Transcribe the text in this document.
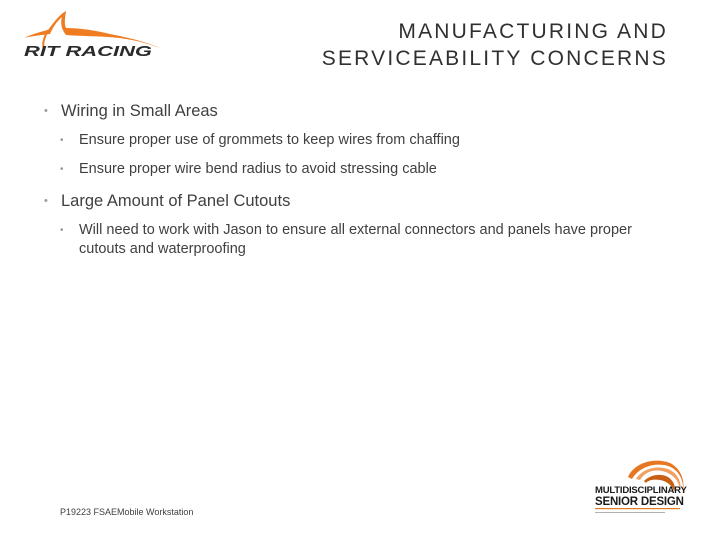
RIT RACING
MANUFACTURING AND
SERVICEABILITY CONCERNS
• Wiring in Small Areas
•	Ensure proper use of grommets to keep wires from chaffing
•	Ensure proper wire bend radius to avoid stressing cable
• Large Amount of Panel Cutouts
•	Will need to work with Jason to ensure all external connectors and panels have proper cutouts and waterproofing
P19223 FSAEMobile Workstation
MULTIDISCIPLINARY
SENIOR DESIGN
